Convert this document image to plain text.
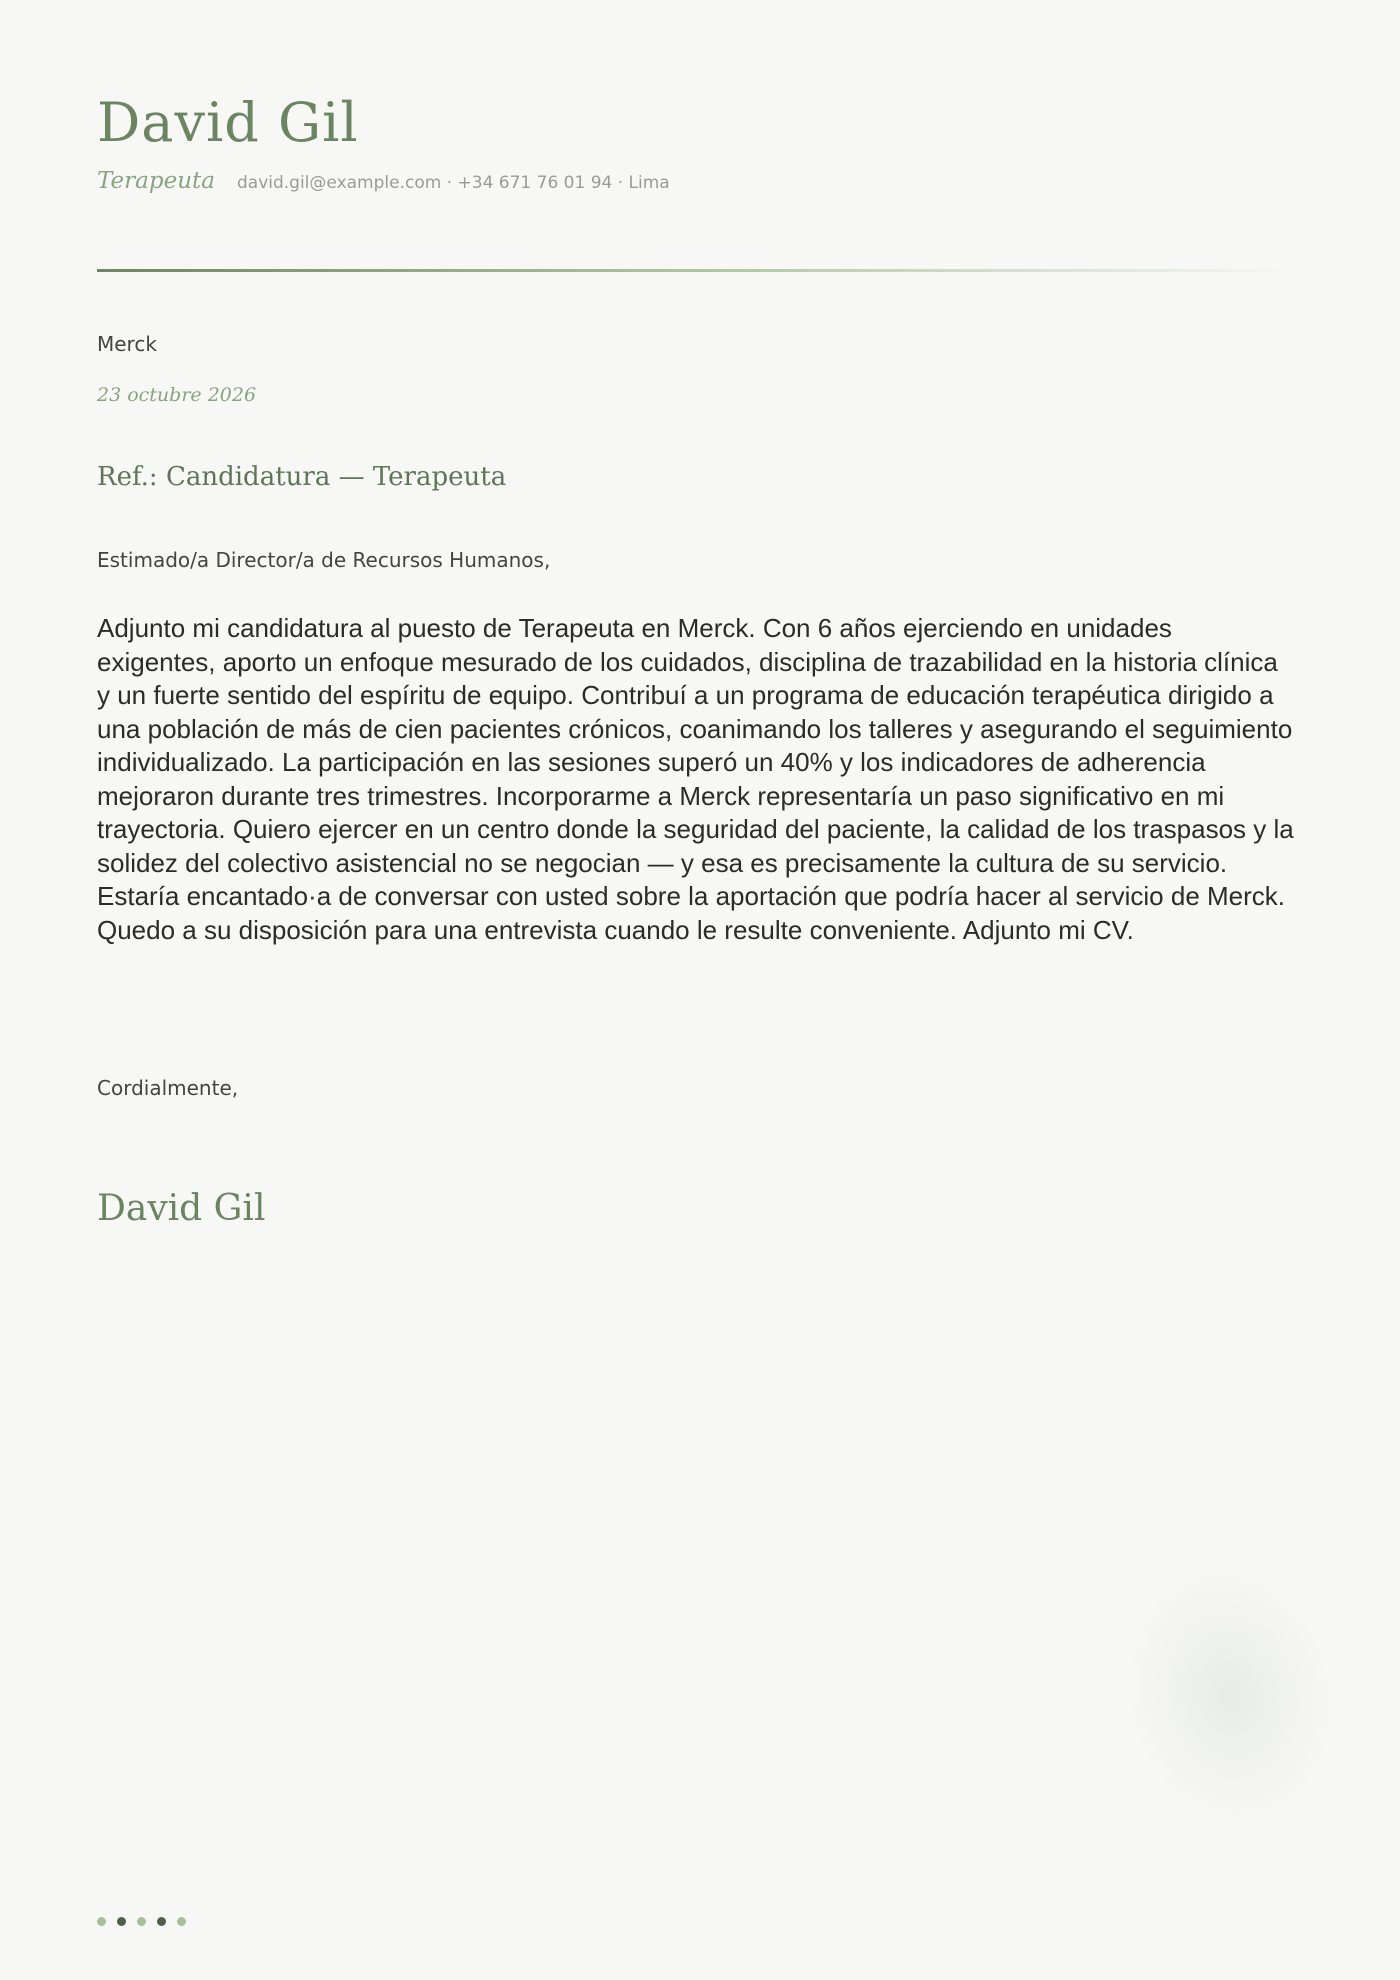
David Gil
Terapeuta david.gil@example.com · +34 671 76 01 94 · Lima
Merck
23 octubre 2026
Ref.: Candidatura — Terapeuta
Estimado/a Director/a de Recursos Humanos,

Adjunto mi candidatura al puesto de Terapeuta en Merck. Con 6 años ejerciendo en unidades exigentes, aporto un enfoque mesurado de los cuidados, disciplina de trazabilidad en la historia clínica y un fuerte sentido del espíritu de equipo. Contribuí a un programa de educación terapéutica dirigido a una población de más de cien pacientes crónicos, coanimando los talleres y asegurando el seguimiento individualizado. La participación en las sesiones superó un 40% y los indicadores de adherencia mejoraron durante tres trimestres. Incorporarme a Merck representaría un paso significativo en mi trayectoria. Quiero ejercer en un centro donde la seguridad del paciente, la calidad de los traspasos y la solidez del colectivo asistencial no se negocian — y esa es precisamente la cultura de su servicio. Estaría encantado·a de conversar con usted sobre la aportación que podría hacer al servicio de Merck. Quedo a su disposición para una entrevista cuando le resulte conveniente. Adjunto mi CV.

Cordialmente,
David Gil
